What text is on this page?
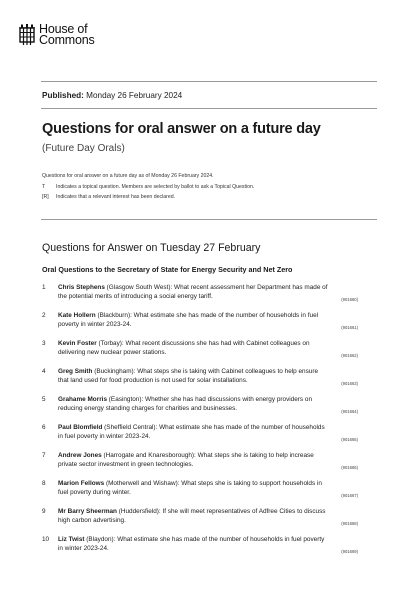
House of
Commons
Published: Monday 26 February 2024
Questions for oral answer on a future day
(Future Day Orals)
Questions for oral answer on a future day as of Monday 26 February 2024.
T	Indicates a topical question. Members are selected by ballot to ask a Topical Question.
[R]	Indicates that a relevant interest has been declared.
Questions for Answer on Tuesday 27 February
Oral Questions to the Secretary of State for Energy Security and Net Zero
1	Chris Stephens (Glasgow South West): What recent assessment her Department has made of the potential merits of introducing a social energy tariff.	(901660)
2	Kate Hollern (Blackburn): What estimate she has made of the number of households in fuel poverty in winter 2023-24.	(901661)
3	Kevin Foster (Torbay): What recent discussions she has had with Cabinet colleagues on delivering new nuclear power stations.	(901662)
4	Greg Smith (Buckingham): What steps she is taking with Cabinet colleagues to help ensure that land used for food production is not used for solar installations.	(901663)
5	Grahame Morris (Easington): Whether she has had discussions with energy providers on reducing energy standing charges for charities and businesses.	(901664)
6	Paul Blomfield (Sheffield Central): What estimate she has made of the number of households in fuel poverty in winter 2023-24.	(901665)
7	Andrew Jones (Harrogate and Knaresborough): What steps she is taking to help increase private sector investment in green technologies.	(901666)
8	Marion Fellows (Motherwell and Wishaw): What steps she is taking to support households in fuel poverty during winter.	(901667)
9	Mr Barry Sheerman (Huddersfield): If she will meet representatives of Adfree Cities to discuss high carbon advertising.	(901668)
10	Liz Twist (Blaydon): What estimate she has made of the number of households in fuel poverty in winter 2023-24.	(901669)
